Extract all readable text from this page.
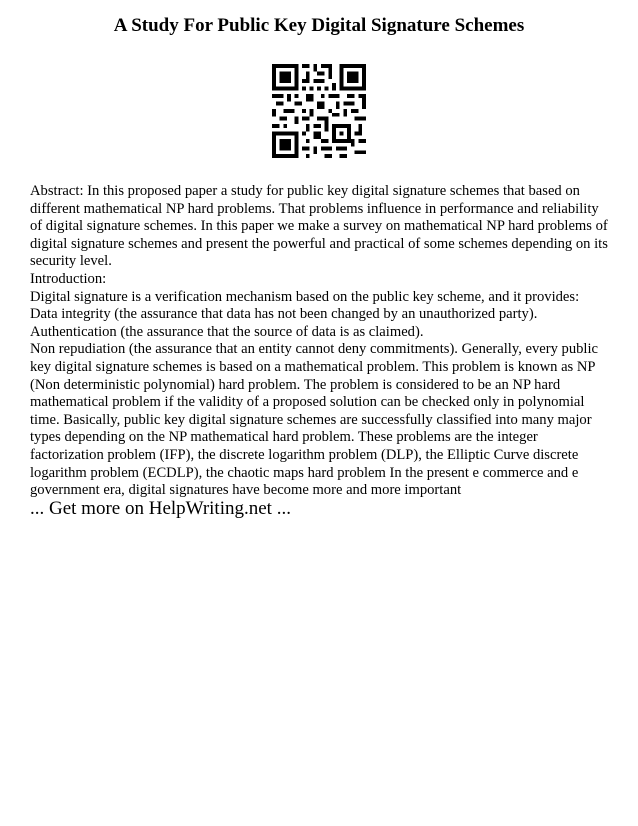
A Study For Public Key Digital Signature Schemes
Abstract: In this proposed paper a study for public key digital signature schemes that based on different mathematical NP hard problems. That problems influence in performance and reliability of digital signature schemes. In this paper we make a survey on mathematical NP hard problems of digital signature schemes and present the powerful and practical of some schemes depending on its security level.
Introduction:
Digital signature is a verification mechanism based on the public key scheme, and it provides:
Data integrity (the assurance that data has not been changed by an unauthorized party).
Authentication (the assurance that the source of data is as claimed).
Non repudiation (the assurance that an entity cannot deny commitments). Generally, every public key digital signature schemes is based on a mathematical problem. This problem is known as NP (Non deterministic polynomial) hard problem. The problem is considered to be an NP hard mathematical problem if the validity of a proposed solution can be checked only in polynomial time. Basically, public key digital signature schemes are successfully classified into many major types depending on the NP mathematical hard problem. These problems are the integer factorization problem (IFP), the discrete logarithm problem (DLP), the Elliptic Curve discrete logarithm problem (ECDLP), the chaotic maps hard problem In the present e commerce and e government era, digital signatures have become more and more important
... Get more on HelpWriting.net ...
